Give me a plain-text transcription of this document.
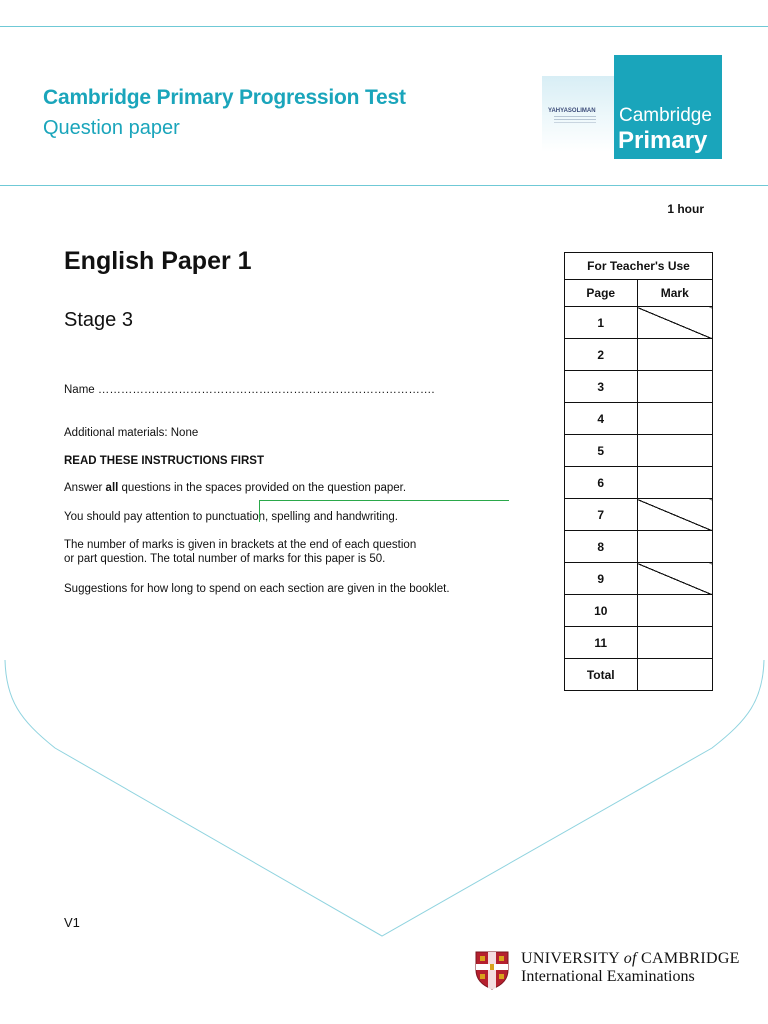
Cambridge Primary Progression Test
Question paper
YAHYASOLIMAN Cambridge
Primary
1 hour
English Paper 1
Stage 3
Name …………………………………………………………………………….
Additional materials: None
READ THESE INSTRUCTIONS FIRST
Answer all questions in the spaces provided on the question paper.
You should pay attention to punctuation, spelling and handwriting.
The number of marks is given in brackets at the end of each question
or part question. The total number of marks for this paper is 50.
Suggestions for how long to spend on each section are given in the booklet.
For Teacher's Use	
Page	Mark
1	
2	
3	
4	
5	
6	
7	
8	
9	
10	
11	
Total	
V1
UNIVERSITY of CAMBRIDGE
International Examinations
